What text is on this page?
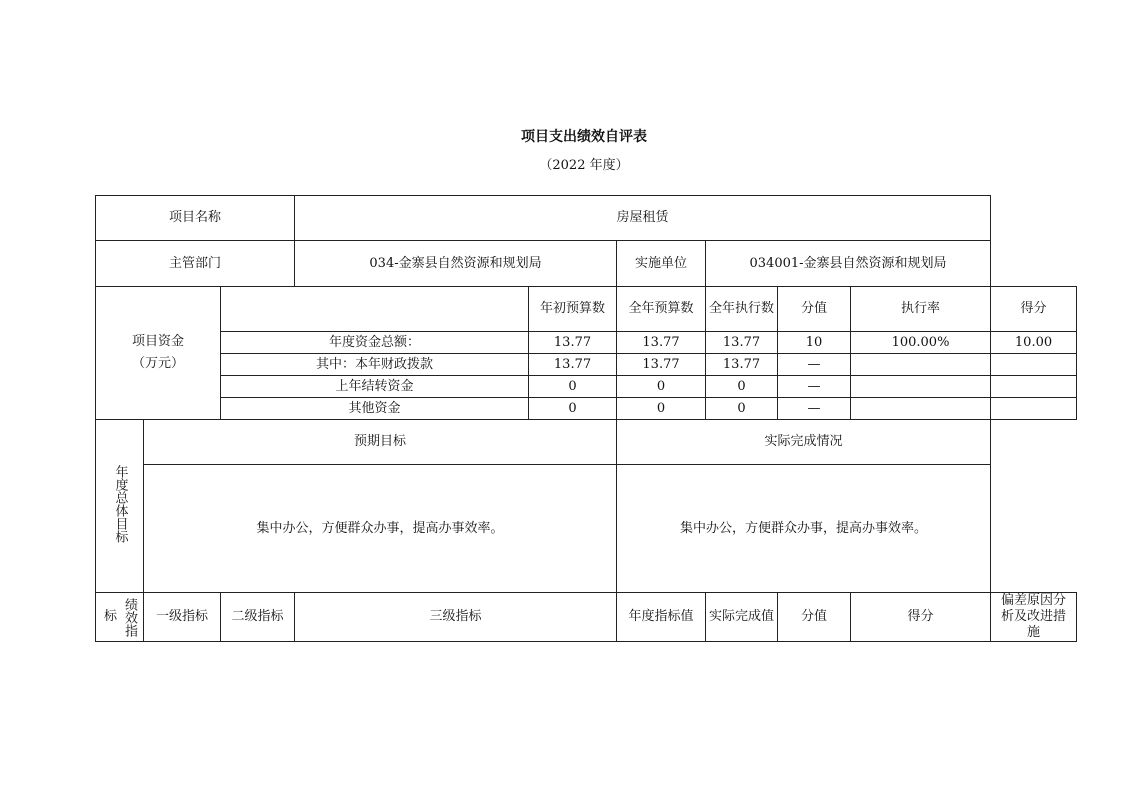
项目支出绩效自评表
（2022 年度）
项目名称			房屋租赁						
主管部门			034-金寨县自然资源和规划局		实施单位	034001-金寨县自然资源和规划局			

项目资金
（万元）				年初预算数	全年预算数	全年执行数	分值	执行率	得分
		年度资金总额：		13.77	13.77	13.77	10	100.00%	10.00
		其中：本年财政拨款		13.77	13.77	13.77	—		
		上年结转资金		0	0	0	—		
		其他资金		0	0	0	—		
年度总体目标	预期目标				实际完成情况				
	集中办公，方便群众办事，提高办事效率。				集中办公，方便群众办事，提高办事效率。				

标 绩效指	一级指标	二级指标	三级指标		年度指标值	实际完成值	分值	得分	偏差原因分析及改进措施
